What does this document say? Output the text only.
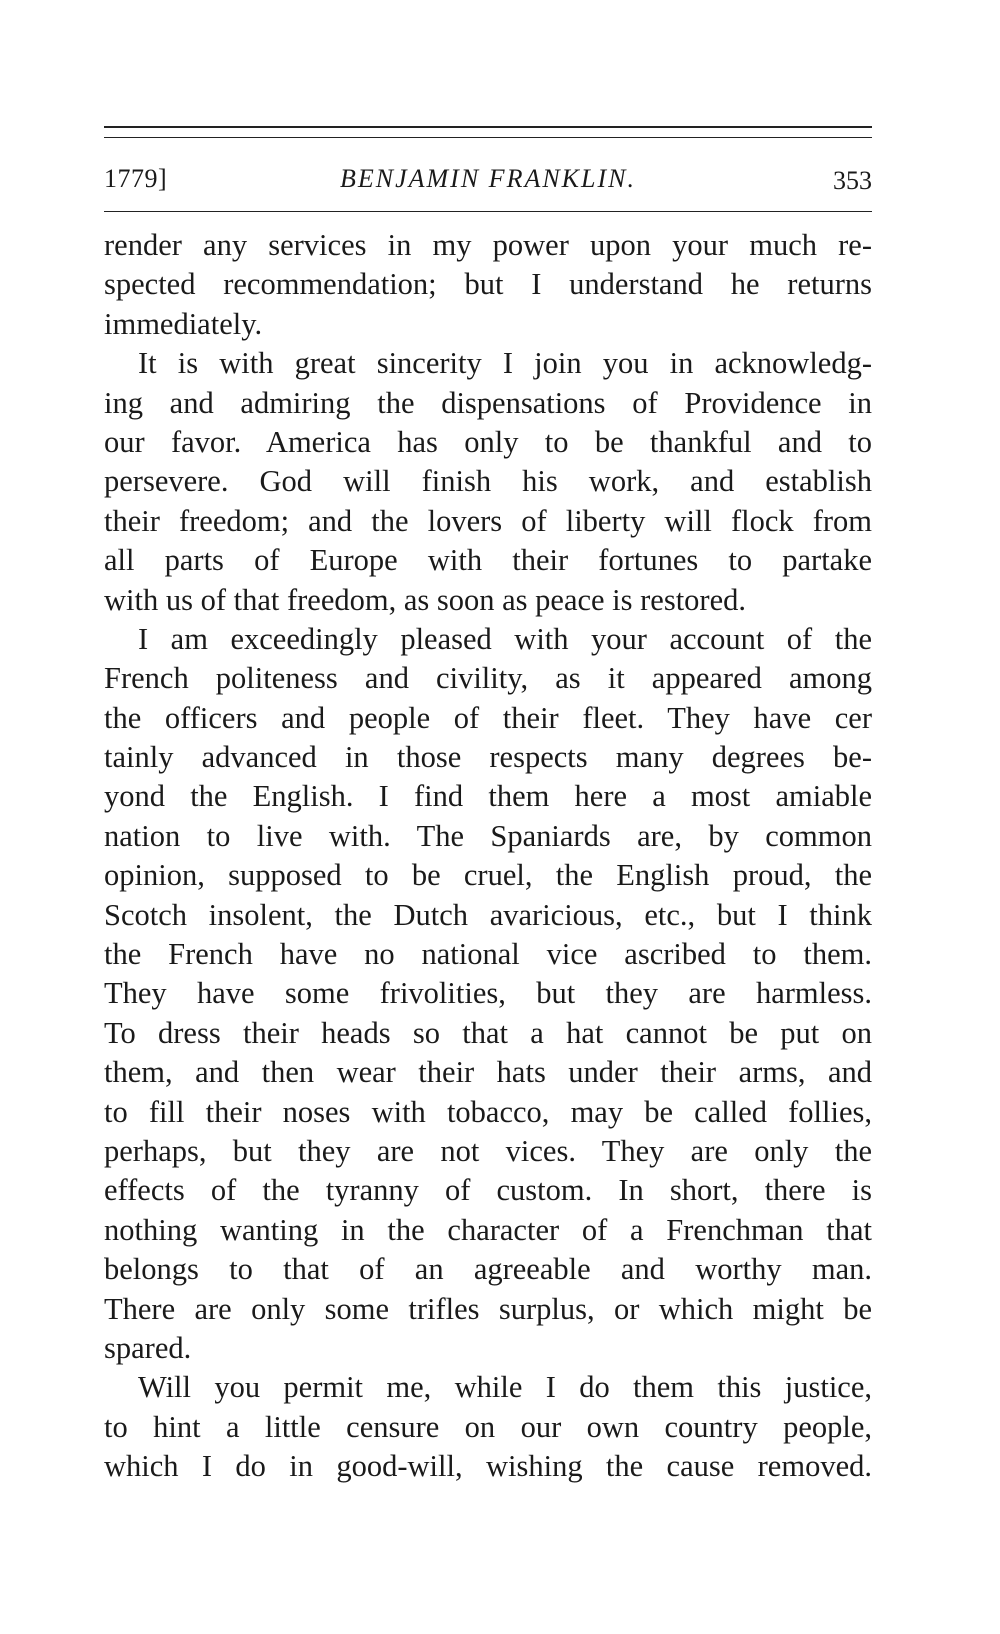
1779]	BENJAMIN FRANKLIN.	353
render any services in my power upon your much re-
spected recommendation; but I understand he returns
immediately.
It is with great sincerity I join you in acknowledg-
ing and admiring the dispensations of Providence in
our favor. America has only to be thankful and to
persevere. God will finish his work, and establish
their freedom; and the lovers of liberty will flock from
all parts of Europe with their fortunes to partake
with us of that freedom, as soon as peace is restored.
I am exceedingly pleased with your account of the
French politeness and civility, as it appeared among
the officers and people of their fleet. They have cer
tainly advanced in those respects many degrees be-
yond the English. I find them here a most amiable
nation to live with. The Spaniards are, by common
opinion, supposed to be cruel, the English proud, the
Scotch insolent, the Dutch avaricious, etc., but I think
the French have no national vice ascribed to them.
They have some frivolities, but they are harmless.
To dress their heads so that a hat cannot be put on
them, and then wear their hats under their arms, and
to fill their noses with tobacco, may be called follies,
perhaps, but they are not vices. They are only the
effects of the tyranny of custom. In short, there is
nothing wanting in the character of a Frenchman that
belongs to that of an agreeable and worthy man.
There are only some trifles surplus, or which might be
spared.
Will you permit me, while I do them this justice,
to hint a little censure on our own country people,
which I do in good-will, wishing the cause removed.
